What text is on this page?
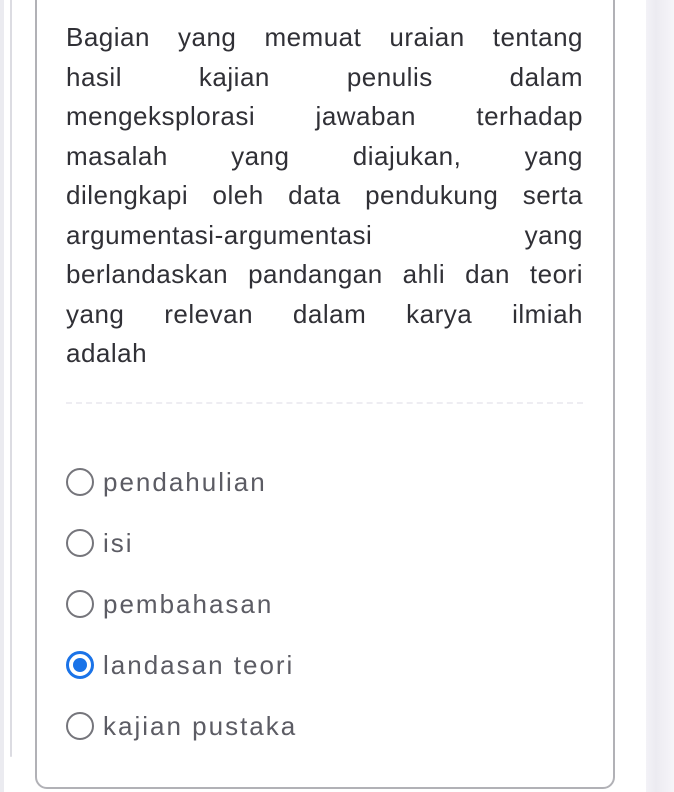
Bagian yang memuat uraian tentang
hasil kajian penulis dalam
mengeksplorasi jawaban terhadap
masalah yang diajukan, yang
dilengkapi oleh data pendukung serta
argumentasi-argumentasi yang
berlandaskan pandangan ahli dan teori
yang relevan dalam karya ilmiah
adalah
pendahulian
isi
pembahasan
landasan teori
kajian pustaka
